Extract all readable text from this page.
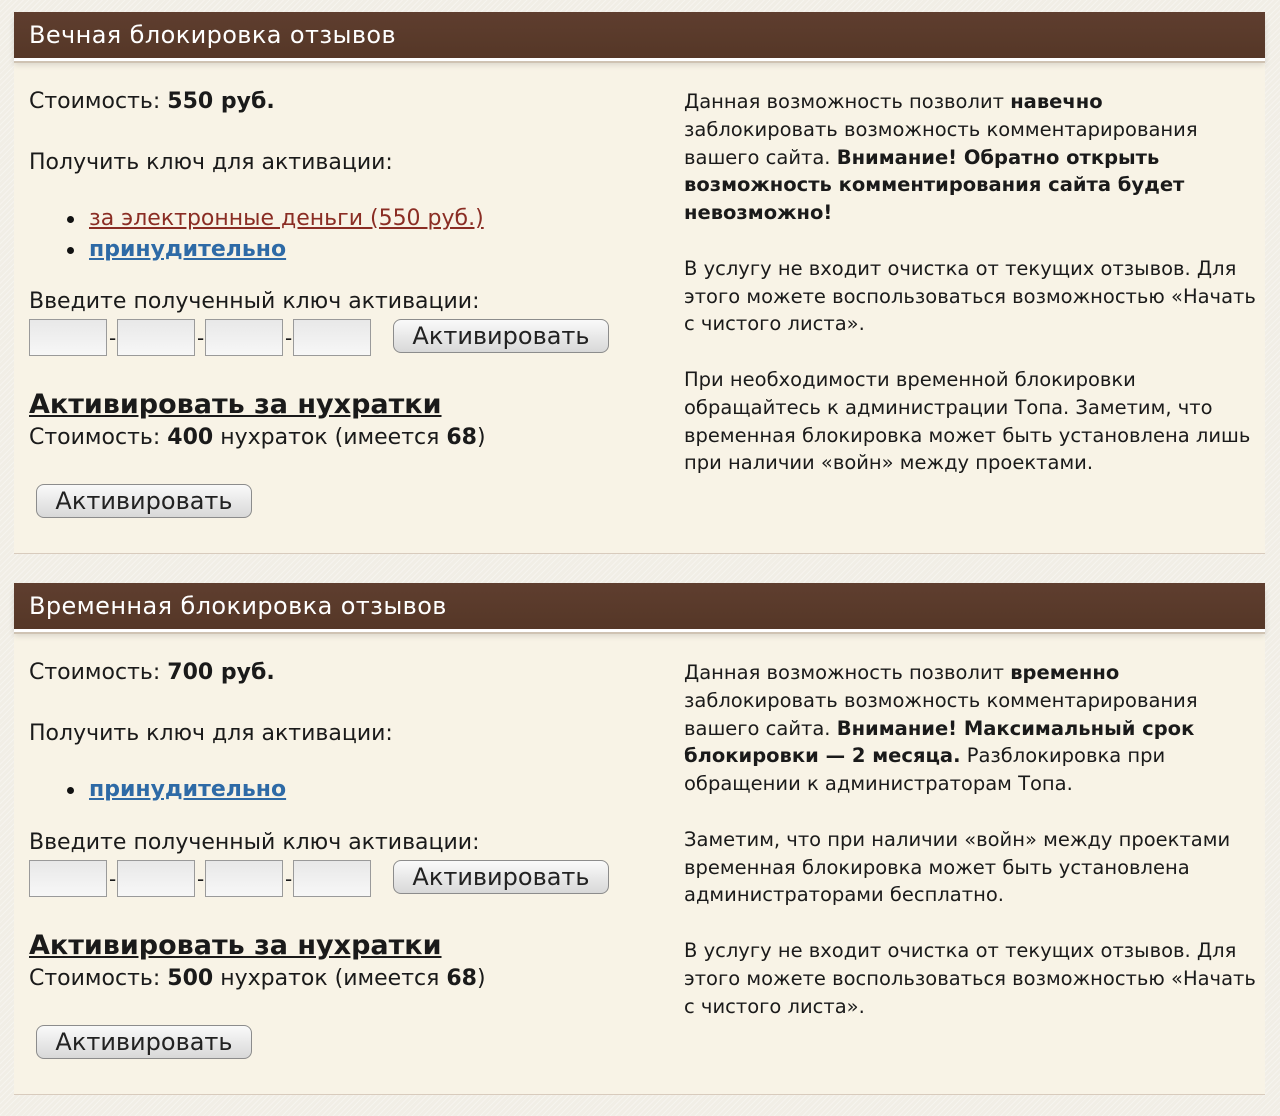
Вечная блокировка отзывов
Стоимость: 550 руб.
Получить ключ для активации:
за электронные деньги (550 руб.)
принудительно
Введите полученный ключ активации:
-	-	-	Активировать
Активировать за нухратки
Стоимость: 400 нухраток (имеется 68)
Активировать

Данная возможность позволит навечно заблокировать возможность комментарирования вашего сайта. Внимание! Обратно открыть возможность комментирования сайта будет невозможно!

В услугу не входит очистка от текущих отзывов. Для этого можете воспользоваться возможностью «Начать с чистого листа».

При необходимости временной блокировки обращайтесь к администрации Топа. Заметим, что временная блокировка может быть установлена лишь при наличии «войн» между проектами.

Временная блокировка отзывов
Стоимость: 700 руб.
Получить ключ для активации:
принудительно
Введите полученный ключ активации:
-	-	-	Активировать
Активировать за нухратки
Стоимость: 500 нухраток (имеется 68)
Активировать

Данная возможность позволит временно заблокировать возможность комментарирования вашего сайта. Внимание! Максимальный срок блокировки — 2 месяца. Разблокировка при обращении к администраторам Топа.

Заметим, что при наличии «войн» между проектами временная блокировка может быть установлена администраторами бесплатно.

В услугу не входит очистка от текущих отзывов. Для этого можете воспользоваться возможностью «Начать с чистого листа».
